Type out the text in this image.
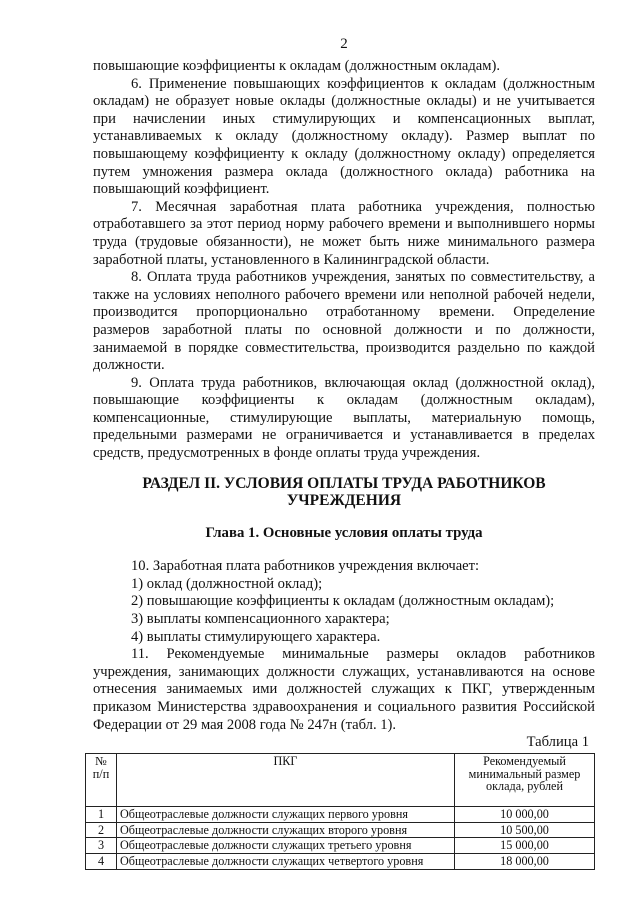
2

повышающие коэффициенты к окладам (должностным окладам).

6. Применение повышающих коэффициентов к окладам (должностным окладам) не образует новые оклады (должностные оклады) и не учитывается при начислении иных стимулирующих и компенсационных выплат, устанавливаемых к окладу (должностному окладу). Размер выплат по повышающему коэффициенту к окладу (должностному окладу) определяется путем умножения размера оклада (должностного оклада) работника на повышающий коэффициент.

7. Месячная заработная плата работника учреждения, полностью отработавшего за этот период норму рабочего времени и выполнившего нормы труда (трудовые обязанности), не может быть ниже минимального размера заработной платы, установленного в Калининградской области.

8. Оплата труда работников учреждения, занятых по совместительству, а также на условиях неполного рабочего времени или неполной рабочей недели, производится пропорционально отработанному времени. Определение размеров заработной платы по основной должности и по должности, занимаемой в порядке совместительства, производится раздельно по каждой должности.

9. Оплата труда работников, включающая оклад (должностной оклад), повышающие коэффициенты к окладам (должностным окладам), компенсационные, стимулирующие выплаты, материальную помощь, предельными размерами не ограничивается и устанавливается в пределах средств, предусмотренных в фонде оплаты труда учреждения.

РАЗДЕЛ II. УСЛОВИЯ ОПЛАТЫ ТРУДА РАБОТНИКОВ УЧРЕЖДЕНИЯ

Глава 1. Основные условия оплаты труда

10. Заработная плата работников учреждения включает:

1) оклад (должностной оклад);

2) повышающие коэффициенты к окладам (должностным окладам);

3) выплаты компенсационного характера;

4) выплаты стимулирующего характера.

11. Рекомендуемые минимальные размеры окладов работников учреждения, занимающих должности служащих, устанавливаются на основе отнесения занимаемых ими должностей служащих к ПКГ, утвержденным приказом Министерства здравоохранения и социального развития Российской Федерации от 29 мая 2008 года № 247н (табл. 1).

Таблица 1

№ п/п	ПКГ	Рекомендуемый минимальный размер оклада, рублей
1	Общеотраслевые должности служащих первого уровня	10 000,00
2	Общеотраслевые должности служащих второго уровня	10 500,00
3	Общеотраслевые должности служащих третьего уровня	15 000,00
4	Общеотраслевые должности служащих четвертого уровня	18 000,00
